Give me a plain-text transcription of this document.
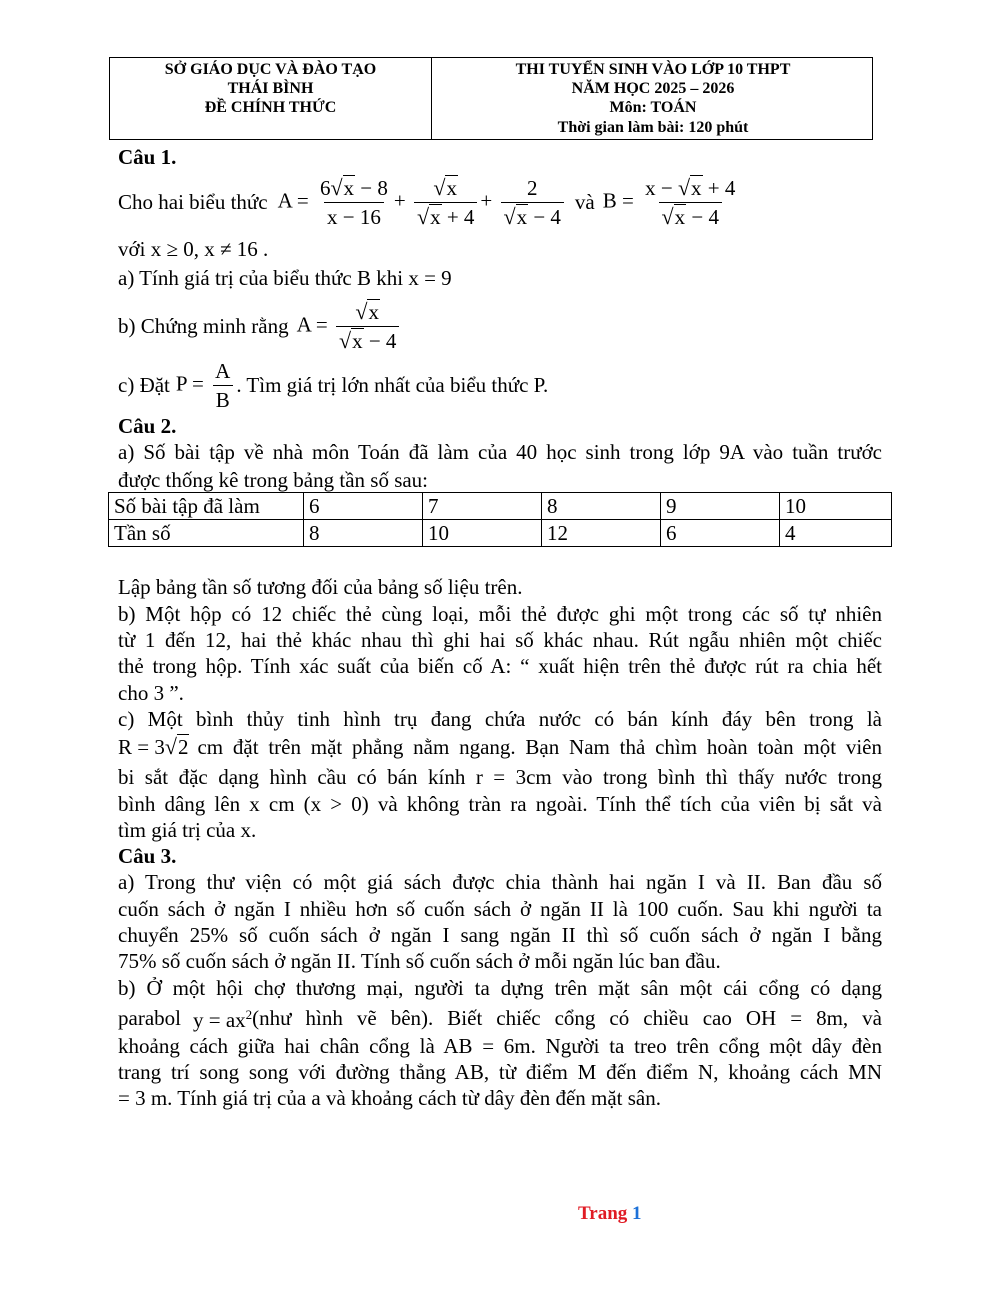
SỞ GIÁO DỤC VÀ ĐÀO TẠO
THÁI BÌNH
ĐỀ CHÍNH THỨC
THI TUYỂN SINH VÀO LỚP 10 THPT
NĂM HỌC 2025 – 2026
Môn: TOÁN
Thời gian làm bài: 120 phút
Câu 1.
Cho hai biểu thức $A = \frac{6√x - 8}{x - 16} + \frac{√x}{√x + 4} + \frac{2}{√x - 4}$ và $B = \frac{x - √x + 4}{√x - 4}$
với x ≥ 0, x ≠ 16 .
a) Tính giá trị của biểu thức B khi x = 9
b) Chứng minh rằng $A = \frac{√x}{√x - 4}$
c) Đặt $P = \frac{A}{B}$ . Tìm giá trị lớn nhất của biểu thức P.
Câu 2.
a) Số bài tập về nhà môn Toán đã làm của 40 học sinh trong lớp 9A vào tuần trước
được thống kê trong bảng tần số sau:
Số bài tập đã làm	6	7	8	9	10
Tần số	8	10	12	6	4
Lập bảng tần số tương đối của bảng số liệu trên.
b) Một hộp có 12 chiếc thẻ cùng loại, mỗi thẻ được ghi một trong các số tự nhiên
từ 1 đến 12, hai thẻ khác nhau thì ghi hai số khác nhau. Rút ngẫu nhiên một chiếc
thẻ trong hộp. Tính xác suất của biến cố A: “ xuất hiện trên thẻ được rút ra chia hết
cho 3 ”.
c) Một bình thủy tinh hình trụ đang chứa nước có bán kính đáy bên trong là
R = 3√2 cm đặt trên mặt phẳng nằm ngang. Bạn Nam thả chìm hoàn toàn một viên
bi sắt đặc dạng hình cầu có bán kính r = 3cm vào trong bình thì thấy nước trong
bình dâng lên x cm (x > 0) và không tràn ra ngoài. Tính thể tích của viên bị sắt và
tìm giá trị của x.
Câu 3.
a) Trong thư viện có một giá sách được chia thành hai ngăn I và II. Ban đầu số
cuốn sách ở ngăn I nhiều hơn số cuốn sách ở ngăn II là 100 cuốn. Sau khi người ta
chuyển 25% số cuốn sách ở ngăn I sang ngăn II thì số cuốn sách ở ngăn I bằng
75% số cuốn sách ở ngăn II. Tính số cuốn sách ở mỗi ngăn lúc ban đầu.
b) Ở một hội chợ thương mại, người ta dựng trên mặt sân một cái cổng có dạng
parabol $y = ax^2$ (như hình vẽ bên). Biết chiếc cổng có chiều cao OH = 8m, và
khoảng cách giữa hai chân cổng là AB = 6m. Người ta treo trên cổng một dây đèn
trang trí song song với đường thẳng AB, từ điểm M đến điểm N, khoảng cách MN
= 3 m. Tính giá trị của a và khoảng cách từ dây đèn đến mặt sân.
Trang 1
